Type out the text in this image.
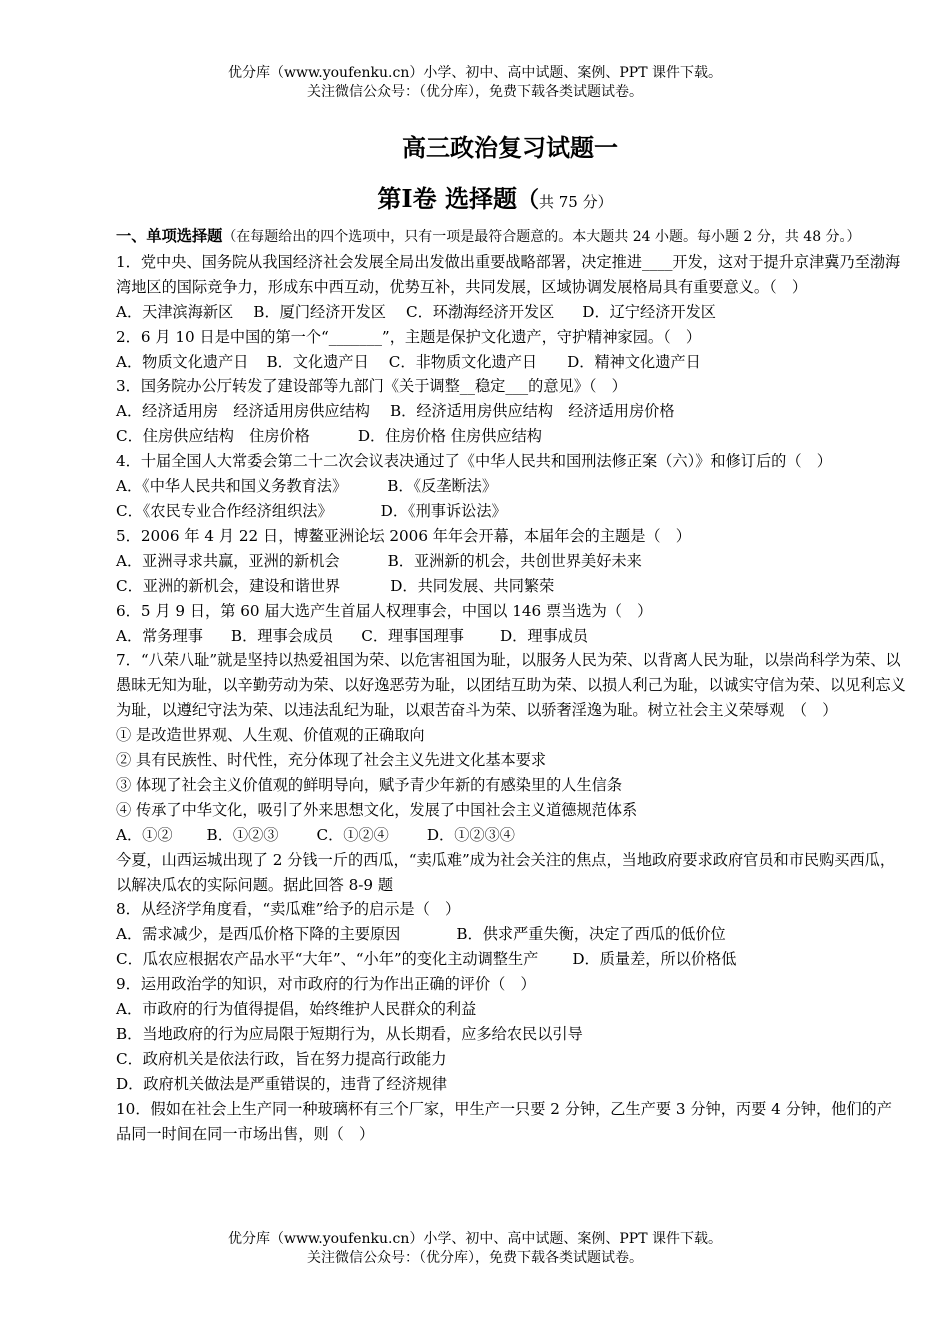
优分库（www.youfenku.cn）小学、初中、高中试题、案例、PPT 课件下载。
关注微信公众号：（优分库），免费下载各类试题试卷。
高三政治复习试题一
第Ⅰ卷 选择题（共 75 分）

一、单项选择题（在每题给出的四个选项中，只有一项是最符合题意的。本大题共 24 小题。每小题 2 分，共 48 分。）

1．党中央、国务院从我国经济社会发展全局出发做出重要战略部署，决定推进____开发，这对于提升京津冀乃至渤海湾地区的国际竞争力，形成东中西互动，优势互补，共同发展，区域协调发展格局具有重要意义。（　）

A．天津滨海新区 B．厦门经济开发区 C．环渤海经济开发区 D．辽宁经济开发区

2．6 月 10 日是中国的第一个“_______”，主题是保护文化遗产，守护精神家园。（　）

A．物质文化遗产日 B．文化遗产日 C．非物质文化遗产日 D．精神文化遗产日

3．国务院办公厅转发了建设部等九部门《关于调整__稳定___的意见》（　）

A．经济适用房　经济适用房供应结构 B．经济适用房供应结构　经济适用房价格

C．住房供应结构　住房价格	D．住房价格 住房供应结构

4．十届全国人大常委会第二十二次会议表决通过了《中华人民共和国刑法修正案（六）》和修订后的（　）

A．《中华人民共和国义务教育法》	B．《反垄断法》

C．《农民专业合作经济组织法》	D．《刑事诉讼法》

5．2006 年 4 月 22 日，博鳌亚洲论坛 2006 年年会开幕，本届年会的主题是（　）

A．亚洲寻求共赢，亚洲的新机会	B．亚洲新的机会，共创世界美好未来

C．亚洲的新机会，建设和谐世界	D．共同发展、共同繁荣

6．5 月 9 日，第 60 届大选产生首届人权理事会，中国以 146 票当选为（　）

A．常务理事 B．理事会成员 C．理事国理事 D．理事成员

7．“八荣八耻”就是坚持以热爱祖国为荣、以危害祖国为耻，以服务人民为荣、以背离人民为耻，以崇尚科学为荣、以愚昧无知为耻，以辛勤劳动为荣、以好逸恶劳为耻，以团结互助为荣、以损人利己为耻，以诚实守信为荣、以见利忘义为耻，以遵纪守法为荣、以违法乱纪为耻，以艰苦奋斗为荣、以骄奢淫逸为耻。树立社会主义荣辱观　（　）

① 是改造世界观、人生观、价值观的正确取向

② 具有民族性、时代性，充分体现了社会主义先进文化基本要求

③ 体现了社会主义价值观的鲜明导向，赋予青少年新的有感染里的人生信条

④ 传承了中华文化，吸引了外来思想文化，发展了中国社会主义道德规范体系

A．①② B．①②③	C．①②④	D．①②③④

今夏，山西运城出现了 2 分钱一斤的西瓜，“卖瓜难”成为社会关注的焦点，当地政府要求政府官员和市民购买西瓜，以解决瓜农的实际问题。据此回答 8-9 题

8．从经济学角度看，“卖瓜难”给予的启示是（　）

A．需求减少，是西瓜价格下降的主要原因	B．供求严重失衡，决定了西瓜的低价位

C．瓜农应根据农产品水平“大年”、“小年”的变化主动调整生产 D．质量差，所以价格低

9．运用政治学的知识，对市政府的行为作出正确的评价（　）

A．市政府的行为值得提倡，始终维护人民群众的利益

B．当地政府的行为应局限于短期行为，从长期看，应多给农民以引导

C．政府机关是依法行政，旨在努力提高行政能力

D．政府机关做法是严重错误的，违背了经济规律

10．假如在社会上生产同一种玻璃杯有三个厂家，甲生产一只要 2 分钟，乙生产要 3 分钟，丙要 4 分钟，他们的产品同一时间在同一市场出售，则（　）

优分库（www.youfenku.cn）小学、初中、高中试题、案例、PPT 课件下载。
关注微信公众号：（优分库），免费下载各类试题试卷。
